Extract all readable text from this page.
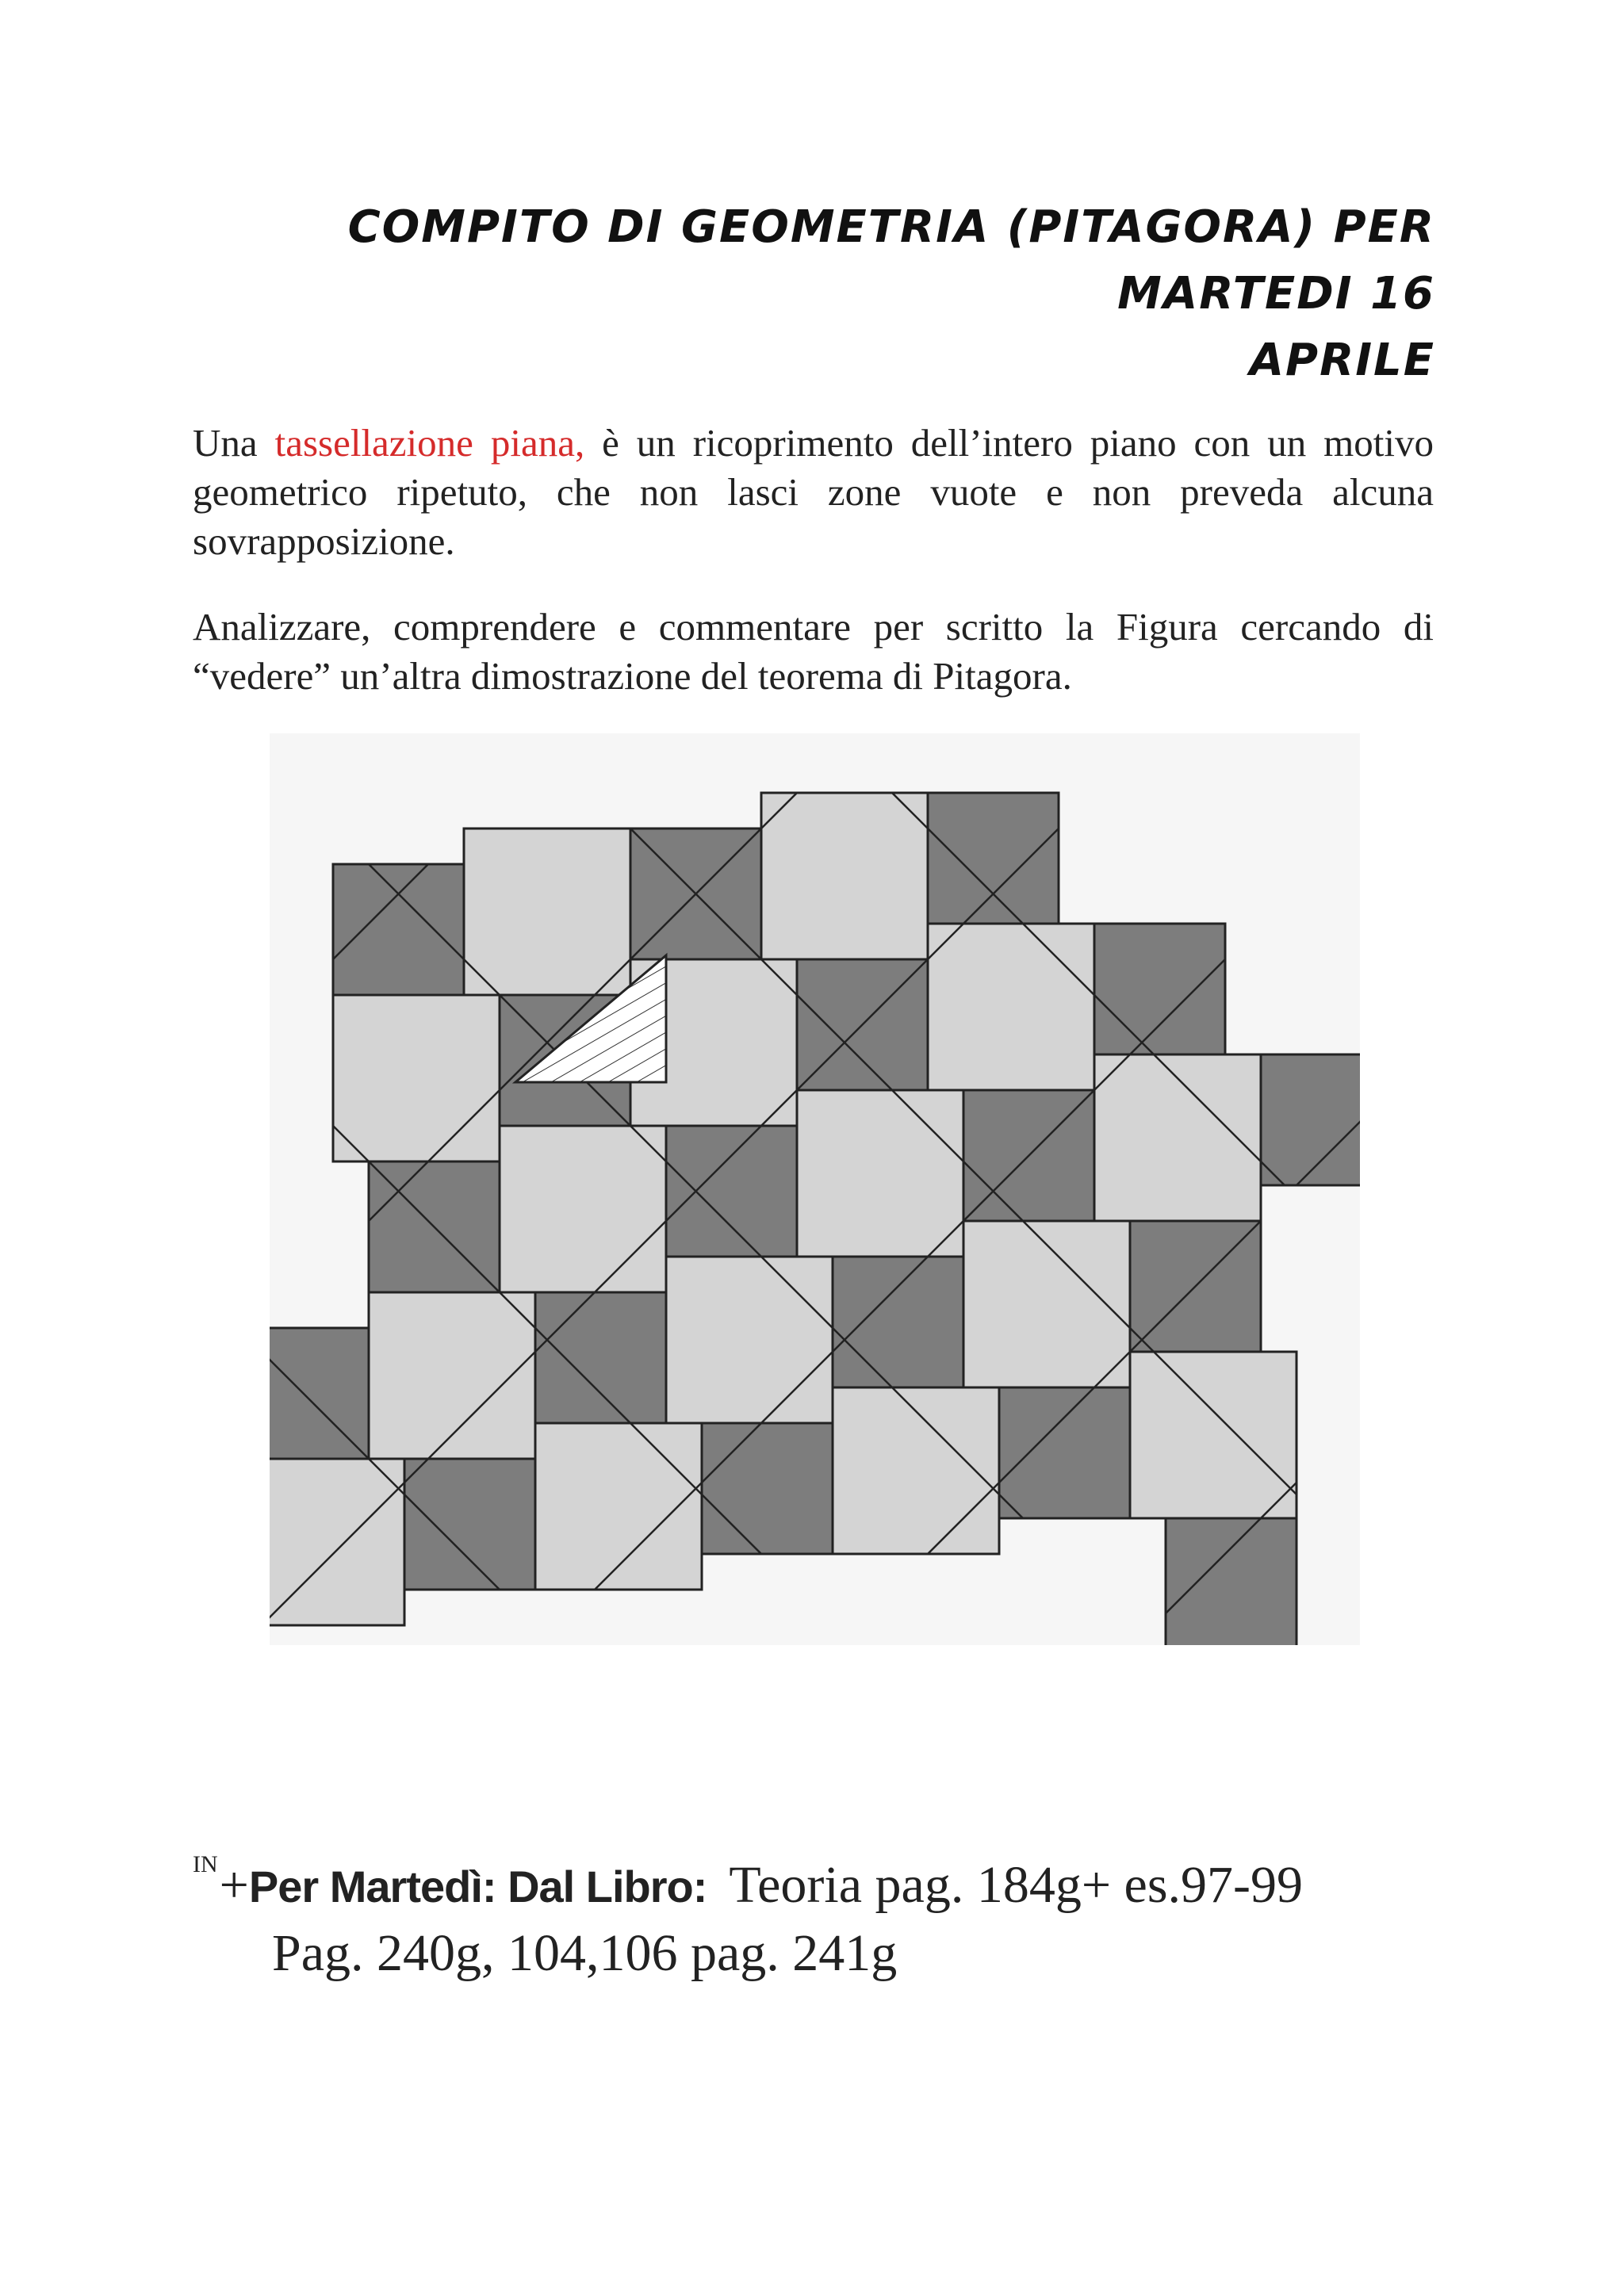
COMPITO DI GEOMETRIA (PITAGORA) PER MARTEDI 16
APRILE

Una tassellazione piana, è un ricoprimento dell’intero piano con un motivo geometrico ripetuto, che non lasci zone vuote e non preveda alcuna sovrapposizione.

Analizzare, comprendere e commentare per scritto la Figura cercando di “vedere” un’altra dimostrazione del teorema di Pitagora.

$^{IN}$+Per Martedì: Dal Libro: Teoria pag. 184g+ es.97-99
Pag. 240g, 104,106 pag. 241g
